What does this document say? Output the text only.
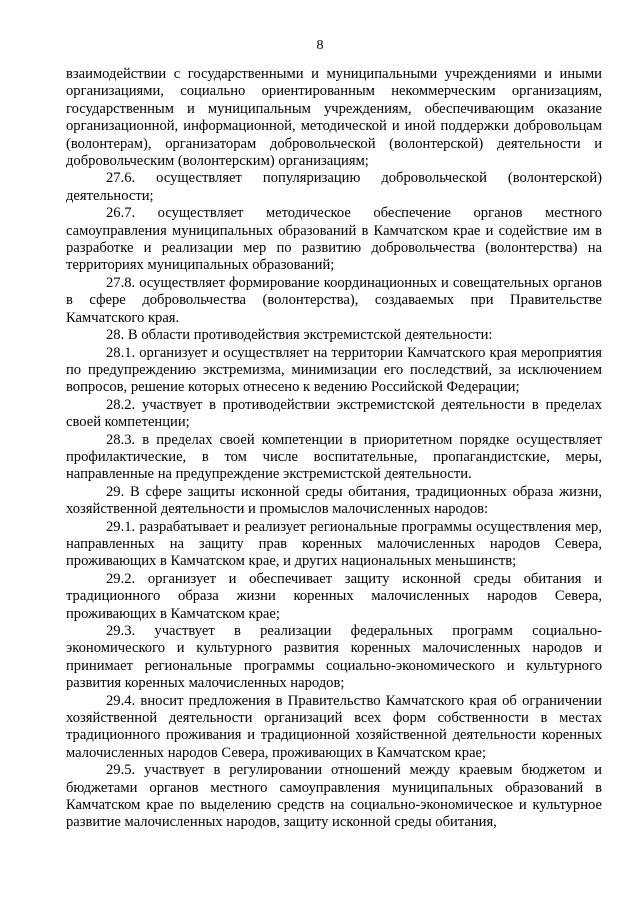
8

взаимодействии с государственными и муниципальными учреждениями и иными организациями, социально ориентированным некоммерческим организациям, государственным и муниципальным учреждениям, обеспечивающим оказание организационной, информационной, методической и иной поддержки добровольцам (волонтерам), организаторам добровольческой (волонтерской) деятельности и добровольческим (волонтерским) организациям;

27.6. осуществляет популяризацию добровольческой (волонтерской) деятельности;

26.7. осуществляет методическое обеспечение органов местного самоуправления муниципальных образований в Камчатском крае и содействие им в разработке и реализации мер по развитию добровольчества (волонтерства) на территориях муниципальных образований;

27.8. осуществляет формирование координационных и совещательных органов в сфере добровольчества (волонтерства), создаваемых при Правительстве Камчатского края.

28. В области противодействия экстремистской деятельности:

28.1. организует и осуществляет на территории Камчатского края мероприятия по предупреждению экстремизма, минимизации его последствий, за исключением вопросов, решение которых отнесено к ведению Российской Федерации;

28.2. участвует в противодействии экстремистской деятельности в пределах своей компетенции;

28.3. в пределах своей компетенции в приоритетном порядке осуществляет профилактические, в том числе воспитательные, пропагандистские, меры, направленные на предупреждение экстремистской деятельности.

29. В сфере защиты исконной среды обитания, традиционных образа жизни, хозяйственной деятельности и промыслов малочисленных народов:

29.1. разрабатывает и реализует региональные программы осуществления мер, направленных на защиту прав коренных малочисленных народов Севера, проживающих в Камчатском крае, и других национальных меньшинств;

29.2. организует и обеспечивает защиту исконной среды обитания и традиционного образа жизни коренных малочисленных народов Севера, проживающих в Камчатском крае;

29.3. участвует в реализации федеральных программ социально-экономического и культурного развития коренных малочисленных народов и принимает региональные программы социально-экономического и культурного развития коренных малочисленных народов;

29.4. вносит предложения в Правительство Камчатского края об ограничении хозяйственной деятельности организаций всех форм собственности в местах традиционного проживания и традиционной хозяйственной деятельности коренных малочисленных народов Севера, проживающих в Камчатском крае;

29.5. участвует в регулировании отношений между краевым бюджетом и бюджетами органов местного самоуправления муниципальных образований в Камчатском крае по выделению средств на социально-экономическое и культурное развитие малочисленных народов, защиту исконной среды обитания,
